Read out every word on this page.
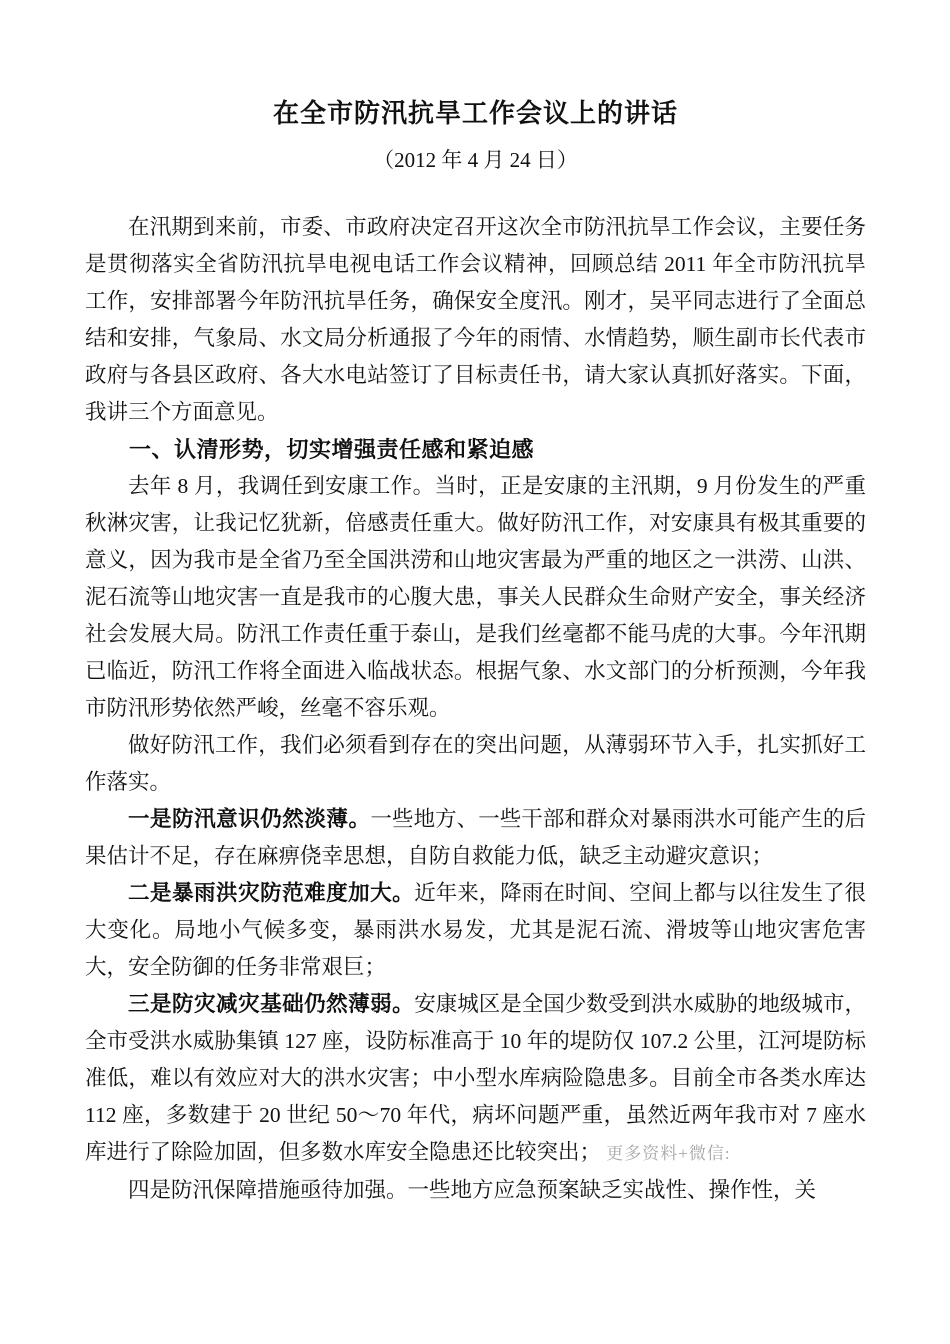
在全市防汛抗旱工作会议上的讲话
（2012 年 4 月 24 日）

在汛期到来前，市委、市政府决定召开这次全市防汛抗旱工作会议，主要任务是贯彻落实全省防汛抗旱电视电话工作会议精神，回顾总结 2011 年全市防汛抗旱工作，安排部署今年防汛抗旱任务，确保安全度汛。刚才，吴平同志进行了全面总结和安排，气象局、水文局分析通报了今年的雨情、水情趋势，顺生副市长代表市政府与各县区政府、各大水电站签订了目标责任书，请大家认真抓好落实。下面，我讲三个方面意见。

一、认清形势，切实增强责任感和紧迫感

去年 8 月，我调任到安康工作。当时，正是安康的主汛期，9 月份发生的严重秋淋灾害，让我记忆犹新，倍感责任重大。做好防汛工作，对安康具有极其重要的意义，因为我市是全省乃至全国洪涝和山地灾害最为严重的地区之一洪涝、山洪、泥石流等山地灾害一直是我市的心腹大患，事关人民群众生命财产安全，事关经济社会发展大局。防汛工作责任重于泰山，是我们丝毫都不能马虎的大事。今年汛期已临近，防汛工作将全面进入临战状态。根据气象、水文部门的分析预测，今年我市防汛形势依然严峻，丝毫不容乐观。

做好防汛工作，我们必须看到存在的突出问题，从薄弱环节入手，扎实抓好工作落实。

一是防汛意识仍然淡薄。一些地方、一些干部和群众对暴雨洪水可能产生的后果估计不足，存在麻痹侥幸思想，自防自救能力低，缺乏主动避灾意识；

二是暴雨洪灾防范难度加大。近年来，降雨在时间、空间上都与以往发生了很大变化。局地小气候多变，暴雨洪水易发，尤其是泥石流、滑坡等山地灾害危害大，安全防御的任务非常艰巨；

三是防灾减灾基础仍然薄弱。安康城区是全国少数受到洪水威胁的地级城市，全市受洪水威胁集镇 127 座，设防标准高于 10 年的堤防仅 107.2 公里，江河堤防标准低，难以有效应对大的洪水灾害；中小型水库病险隐患多。目前全市各类水库达 112 座，多数建于 20 世纪 50～70 年代，病坏问题严重，虽然近两年我市对 7 座水库进行了除险加固，但多数水库安全隐患还比较突出； 更多资料+微信:

四是防汛保障措施亟待加强。一些地方应急预案缺乏实战性、操作性，关
